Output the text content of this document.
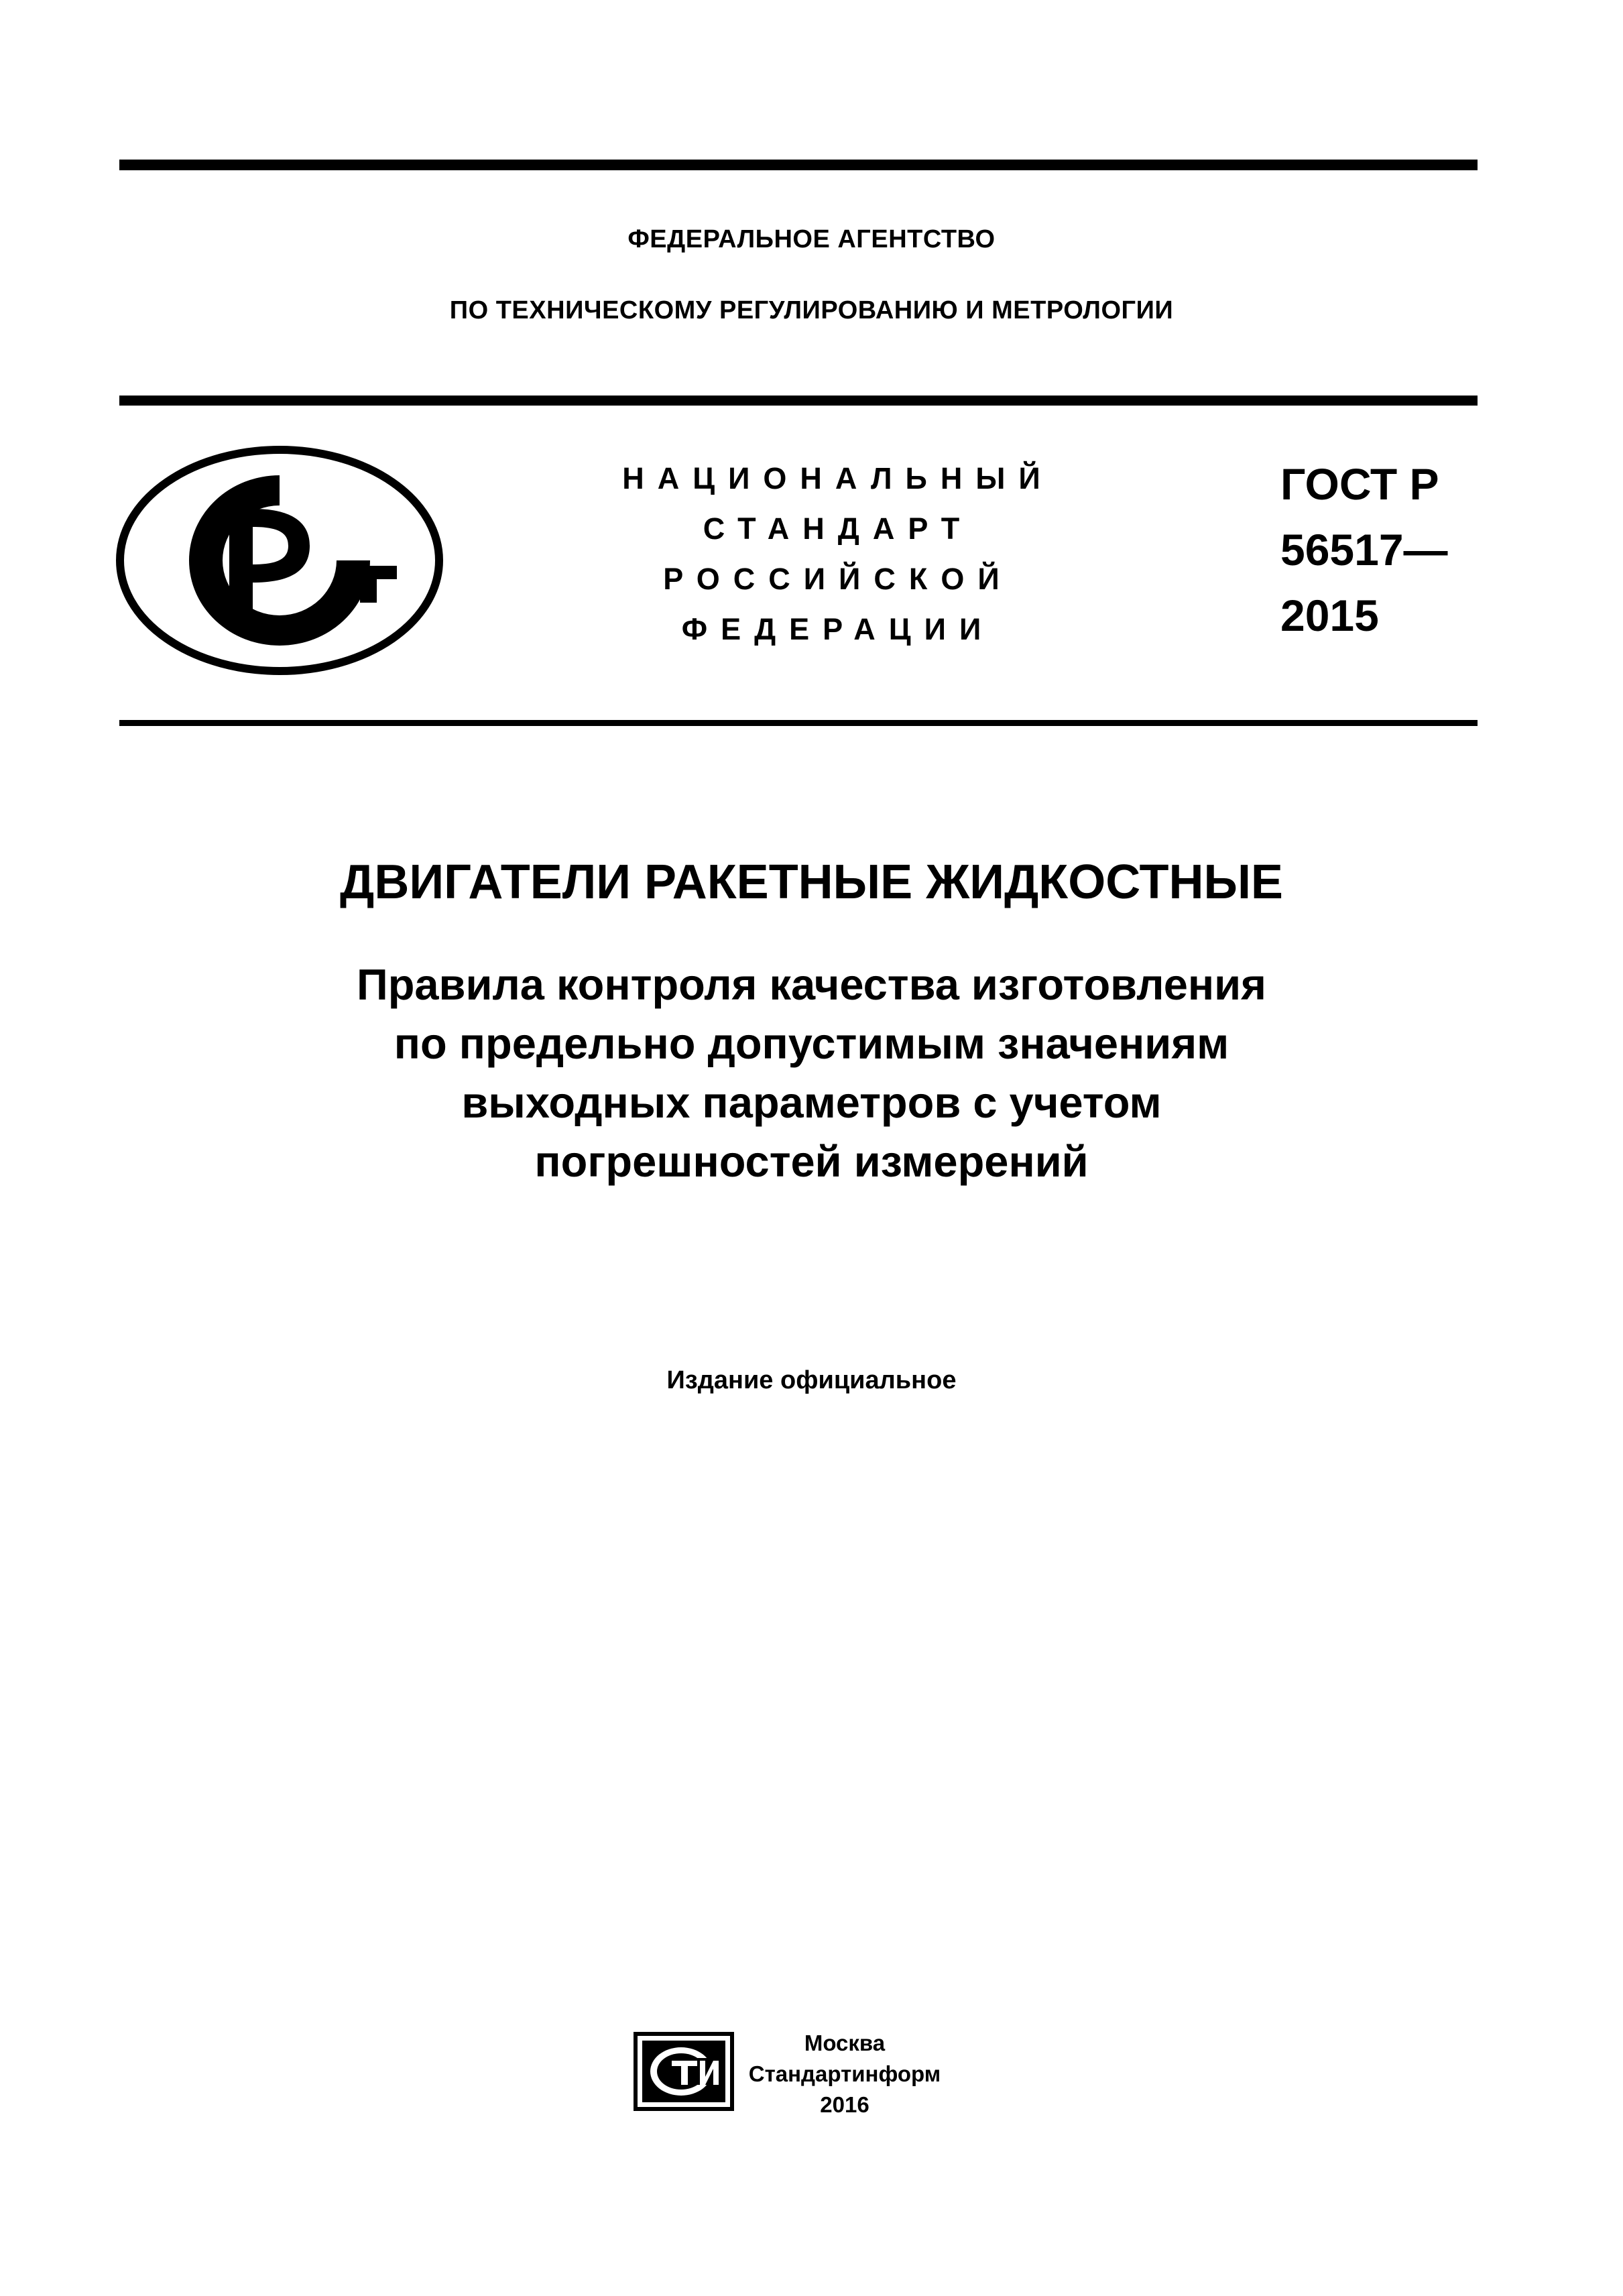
ФЕДЕРАЛЬНОЕ АГЕНТСТВО
ПО ТЕХНИЧЕСКОМУ РЕГУЛИРОВАНИЮ И МЕТРОЛОГИИ
НАЦИОНАЛЬНЫЙ
СТАНДАРТ
РОССИЙСКОЙ
ФЕДЕРАЦИИ
ГОСТ Р
56517—
2015
ДВИГАТЕЛИ РАКЕТНЫЕ ЖИДКОСТНЫЕ
Правила контроля качества изготовления
по предельно допустимым значениям
выходных параметров с учетом
погрешностей измерений
Издание официальное
Москва
Стандартинформ
2016
